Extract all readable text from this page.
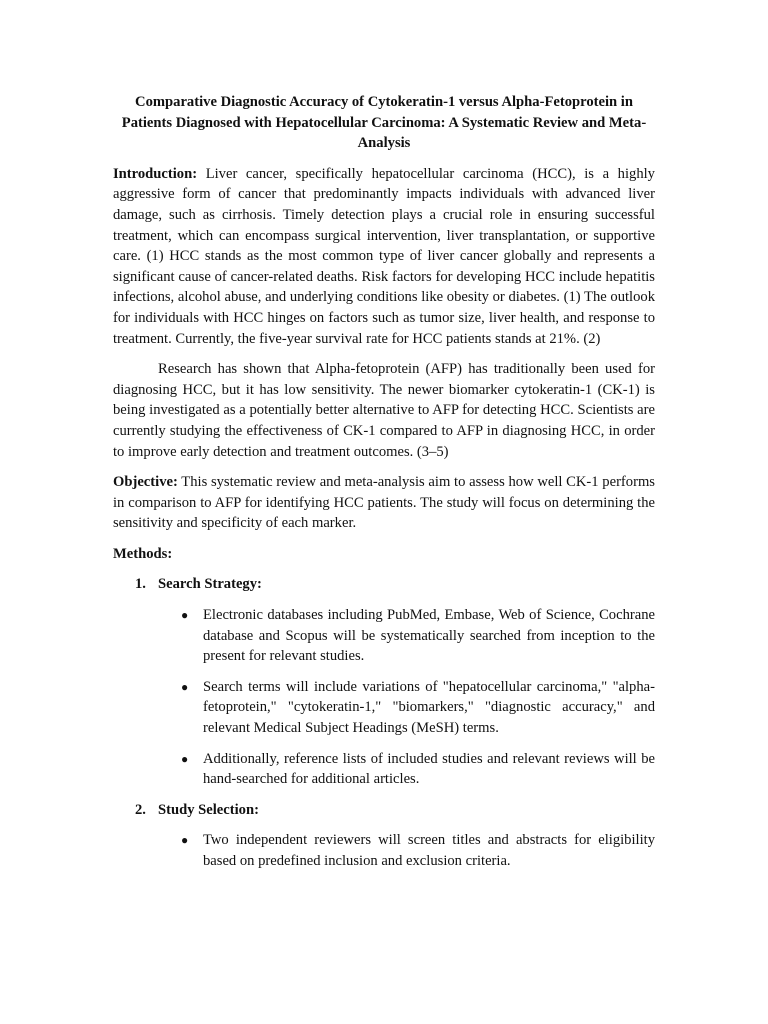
Comparative Diagnostic Accuracy of Cytokeratin-1 versus Alpha-Fetoprotein in Patients Diagnosed with Hepatocellular Carcinoma: A Systematic Review and Meta-Analysis

Introduction: Liver cancer, specifically hepatocellular carcinoma (HCC), is a highly aggressive form of cancer that predominantly impacts individuals with advanced liver damage, such as cirrhosis. Timely detection plays a crucial role in ensuring successful treatment, which can encompass surgical intervention, liver transplantation, or supportive care. (1) HCC stands as the most common type of liver cancer globally and represents a significant cause of cancer-related deaths. Risk factors for developing HCC include hepatitis infections, alcohol abuse, and underlying conditions like obesity or diabetes. (1) The outlook for individuals with HCC hinges on factors such as tumor size, liver health, and response to treatment. Currently, the five-year survival rate for HCC patients stands at 21%. (2)

Research has shown that Alpha-fetoprotein (AFP) has traditionally been used for diagnosing HCC, but it has low sensitivity. The newer biomarker cytokeratin-1 (CK-1) is being investigated as a potentially better alternative to AFP for detecting HCC. Scientists are currently studying the effectiveness of CK-1 compared to AFP in diagnosing HCC, in order to improve early detection and treatment outcomes. (3–5)

Objective: This systematic review and meta-analysis aim to assess how well CK-1 performs in comparison to AFP for identifying HCC patients. The study will focus on determining the sensitivity and specificity of each marker.

Methods:
1. Search Strategy:
● Electronic databases including PubMed, Embase, Web of Science, Cochrane database and Scopus will be systematically searched from inception to the present for relevant studies.
● Search terms will include variations of "hepatocellular carcinoma," "alpha-fetoprotein," "cytokeratin-1," "biomarkers," "diagnostic accuracy," and relevant Medical Subject Headings (MeSH) terms.
● Additionally, reference lists of included studies and relevant reviews will be hand-searched for additional articles.
2. Study Selection:
● Two independent reviewers will screen titles and abstracts for eligibility based on predefined inclusion and exclusion criteria.
